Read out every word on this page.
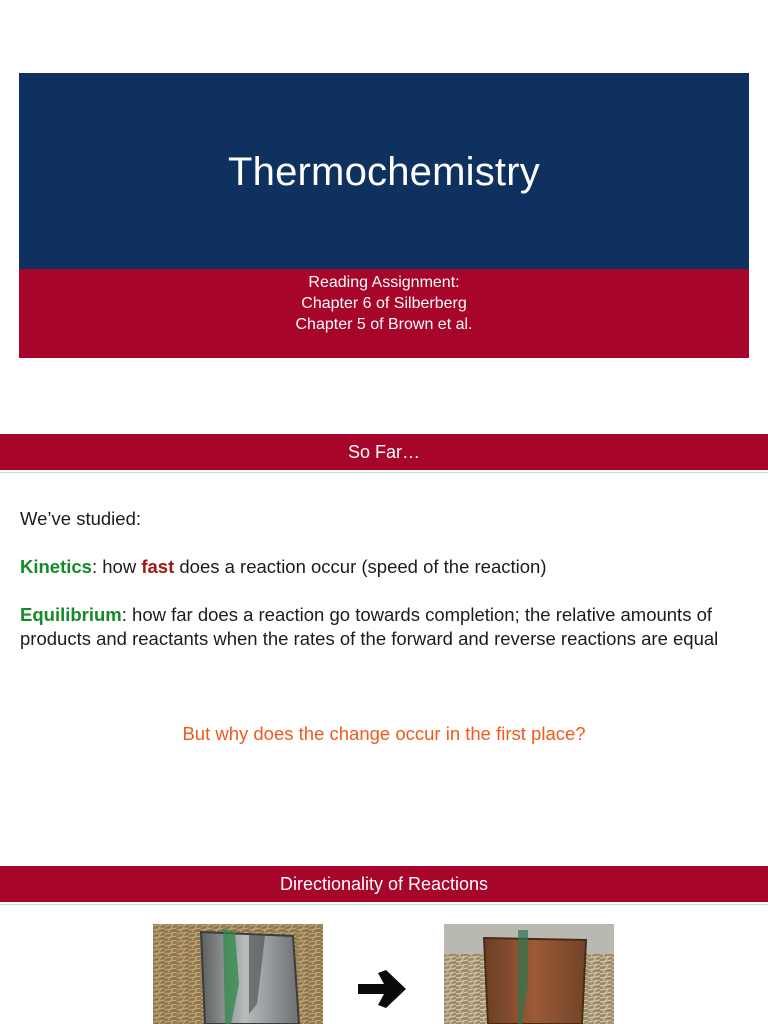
Thermochemistry
Reading Assignment:
Chapter 6 of Silberberg
Chapter 5 of Brown et al.
So Far…
We’ve studied:
Kinetics: how fast does a reaction occur (speed of the reaction)
Equilibrium: how far does a reaction go towards completion; the relative amounts of products and reactants when the rates of the forward and reverse reactions are equal
But why does the change occur in the first place?
Directionality of Reactions
